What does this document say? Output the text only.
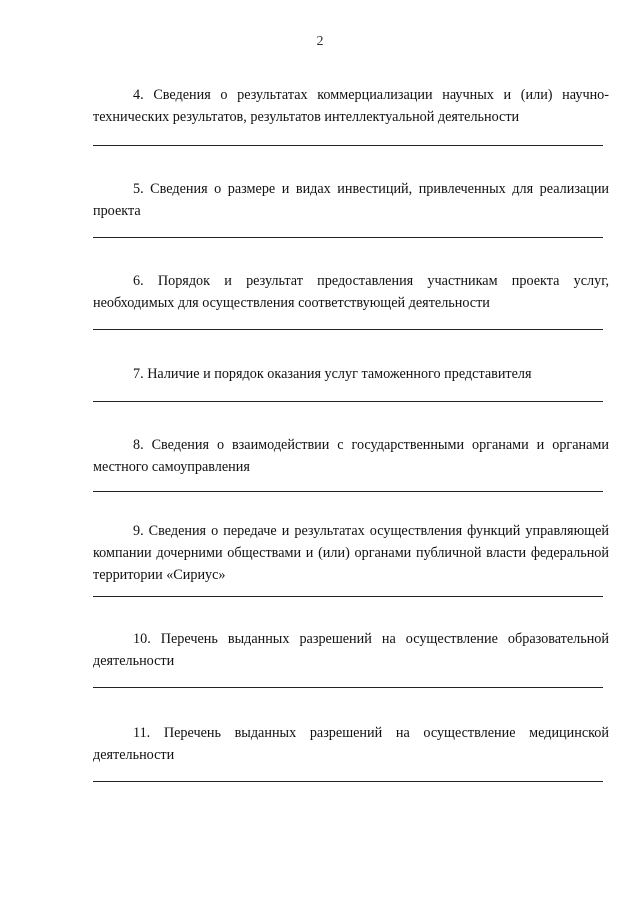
2

4. Сведения о результатах коммерциализации научных и (или) научно-технических результатов, результатов интеллектуальной деятельности

5. Сведения о размере и видах инвестиций, привлеченных для реализации проекта

6. Порядок и результат предоставления участникам проекта услуг, необходимых для осуществления соответствующей деятельности

7. Наличие и порядок оказания услуг таможенного представителя

8. Сведения о взаимодействии с государственными органами и органами местного самоуправления

9. Сведения о передаче и результатах осуществления функций управляющей компании дочерними обществами и (или) органами публичной власти федеральной территории «Сириус»

10. Перечень выданных разрешений на осуществление образовательной деятельности

11. Перечень выданных разрешений на осуществление медицинской деятельности
